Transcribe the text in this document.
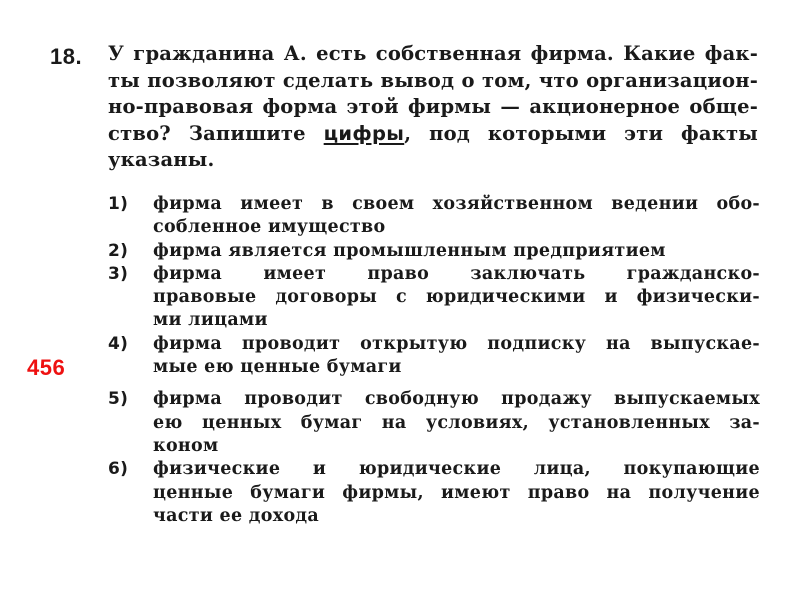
18. У гражданина А. есть собственная фирма. Какие фак-
ты позволяют сделать вывод о том, что организацион-
но-правовая форма этой фирмы — акционерное обще-
ство? Запишите цифры, под которыми эти факты
указаны.
1) фирма имеет в своем хозяйственном ведении обо-
собленное имущество
2) фирма является промышленным предприятием
3) фирма имеет право заключать гражданско-
правовые договоры с юридическими и физически-
ми лицами
4) фирма проводит открытую подписку на выпускае-
мые ею ценные бумаги
5) фирма проводит свободную продажу выпускаемых
ею ценных бумаг на условиях, установленных за-
коном
6) физические и юридические лица, покупающие
ценные бумаги фирмы, имеют право на получение
части ее дохода
456
